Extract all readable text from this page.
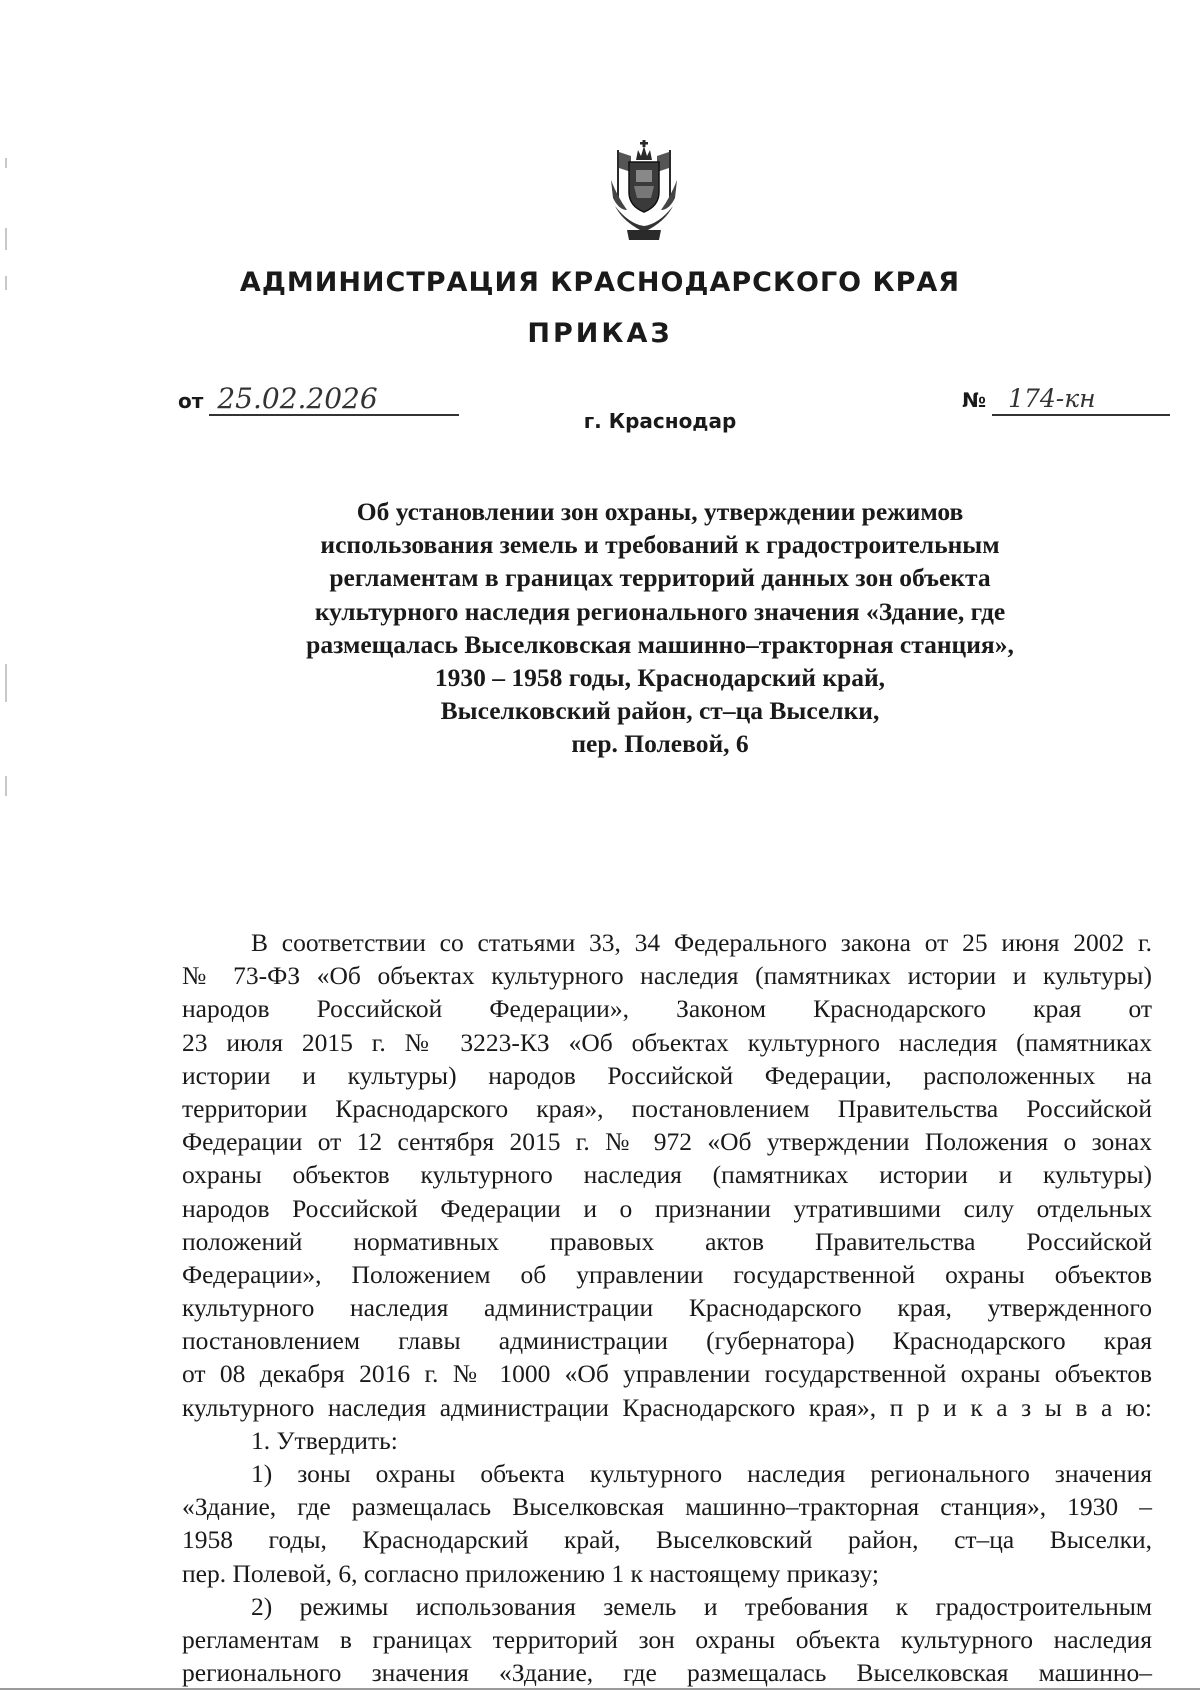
АДМИНИСТРАЦИЯ КРАСНОДАРСКОГО КРАЯ
ПРИКАЗ
от 25.02.2026	№ 174-кн
г. Краснодар
Об установлении зон охраны, утверждении режимов
использования земель и требований к градостроительным
регламентам в границах территорий данных зон объекта
культурного наследия регионального значения «Здание, где
размещалась Выселковская машинно–тракторная станция»,
1930 – 1958 годы, Краснодарский край,
Выселковский район, ст–ца Выселки,
пер. Полевой, 6
В соответствии со статьями 33, 34 Федерального закона от 25 июня 2002 г.
№ 73-ФЗ «Об объектах культурного наследия (памятниках истории и культуры)
народов Российской Федерации», Законом Краснодарского края от
23 июля 2015 г. № 3223-КЗ «Об объектах культурного наследия (памятниках
истории и культуры) народов Российской Федерации, расположенных на
территории Краснодарского края», постановлением Правительства Российской
Федерации от 12 сентября 2015 г. № 972 «Об утверждении Положения о зонах
охраны объектов культурного наследия (памятниках истории и культуры)
народов Российской Федерации и о признании утратившими силу отдельных
положений нормативных правовых актов Правительства Российской
Федерации», Положением об управлении государственной охраны объектов
культурного наследия администрации Краснодарского края, утвержденного
постановлением главы администрации (губернатора) Краснодарского края
от 08 декабря 2016 г. № 1000 «Об управлении государственной охраны объектов
культурного наследия администрации Краснодарского края», п р и к а з ы в а ю:
1. Утвердить:
1) зоны охраны объекта культурного наследия регионального значения
«Здание, где размещалась Выселковская машинно–тракторная станция», 1930 –
1958 годы, Краснодарский край, Выселковский район, ст–ца Выселки,
пер. Полевой, 6, согласно приложению 1 к настоящему приказу;
2) режимы использования земель и требования к градостроительным
регламентам в границах территорий зон охраны объекта культурного наследия
регионального значения «Здание, где размещалась Выселковская машинно–
